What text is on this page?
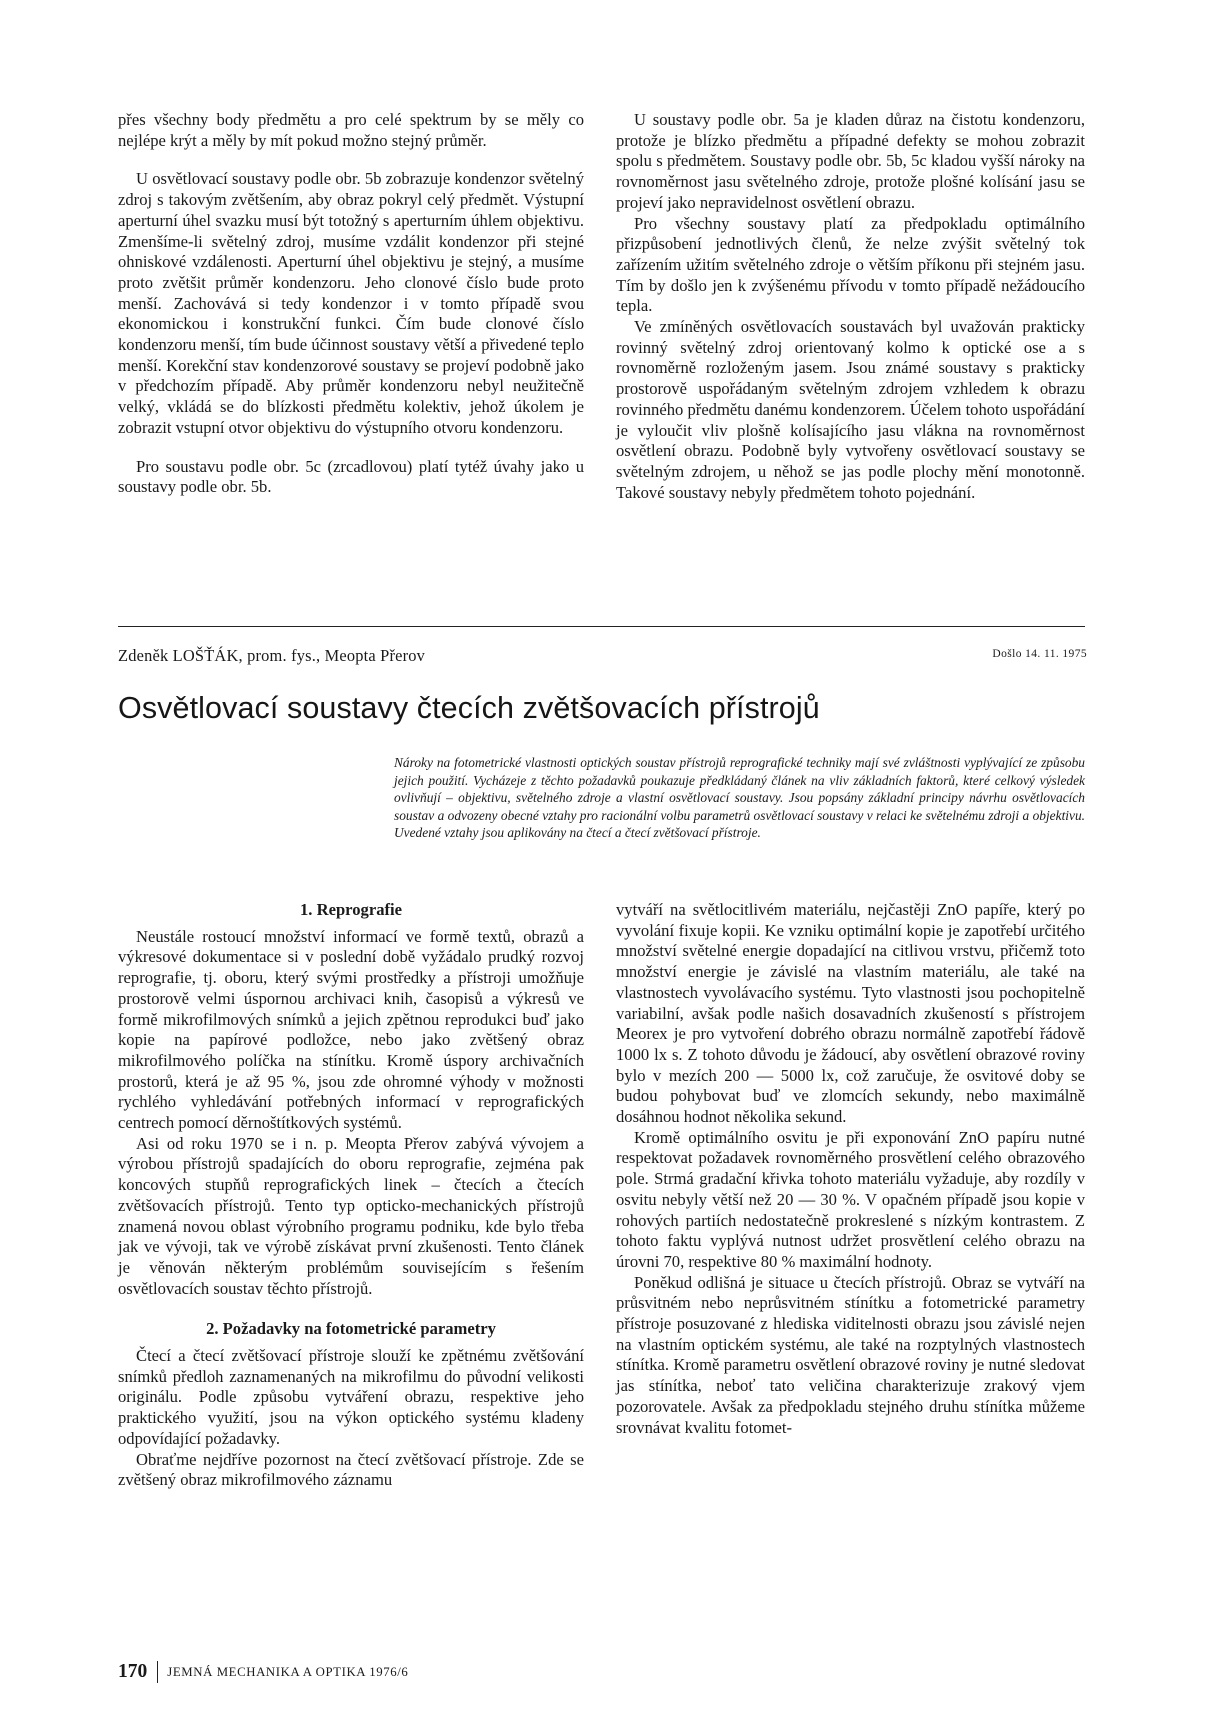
přes všechny body předmětu a pro celé spektrum by se měly co nejlépe krýt a měly by mít pokud možno stejný průměr.

U osvětlovací soustavy podle obr. 5b zobrazuje kondenzor světelný zdroj s takovým zvětšením, aby obraz pokryl celý předmět. Výstupní aperturní úhel svazku musí být totožný s aperturním úhlem objektivu. Zmenšíme-li světelný zdroj, musíme vzdálit kondenzor při stejné ohniskové vzdálenosti. Aperturní úhel objektivu je stejný, a musíme proto zvětšit průměr kondenzoru. Jeho clonové číslo bude proto menší. Zachovává si tedy kondenzor i v tomto případě svou ekonomickou i konstrukční funkci. Čím bude clonové číslo kondenzoru menší, tím bude účinnost soustavy větší a přivedené teplo menší. Korekční stav kondenzorové soustavy se projeví podobně jako v předchozím případě. Aby průměr kondenzoru nebyl neužitečně velký, vkládá se do blízkosti předmětu kolektiv, jehož úkolem je zobrazit vstupní otvor objektivu do výstupního otvoru kondenzoru.

Pro soustavu podle obr. 5c (zrcadlovou) platí tytéž úvahy jako u soustavy podle obr. 5b.

U soustavy podle obr. 5a je kladen důraz na čistotu kondenzoru, protože je blízko předmětu a případné defekty se mohou zobrazit spolu s předmětem. Soustavy podle obr. 5b, 5c kladou vyšší nároky na rovnoměrnost jasu světelného zdroje, protože plošné kolísání jasu se projeví jako nepravidelnost osvětlení obrazu.

Pro všechny soustavy platí za předpokladu optimálního přizpůsobení jednotlivých členů, že nelze zvýšit světelný tok zařízením užitím světelného zdroje o větším příkonu při stejném jasu. Tím by došlo jen k zvýšenému přívodu v tomto případě nežádoucího tepla.

Ve zmíněných osvětlovacích soustavách byl uvažován prakticky rovinný světelný zdroj orientovaný kolmo k optické ose a s rovnoměrně rozloženým jasem. Jsou známé soustavy s prakticky prostorově uspořádaným světelným zdrojem vzhledem k obrazu rovinného předmětu danému kondenzorem. Účelem tohoto uspořádání je vyloučit vliv plošně kolísajícího jasu vlákna na rovnoměrnost osvětlení obrazu. Podobně byly vytvořeny osvětlovací soustavy se světelným zdrojem, u něhož se jas podle plochy mění monotonně. Takové soustavy nebyly předmětem tohoto pojednání.

Zdeněk LOŠŤÁK, prom. fys., Meopta Přerov	Došlo 14. 11. 1975
Osvětlovací soustavy čtecích zvětšovacích přístrojů
Nároky na fotometrické vlastnosti optických soustav přístrojů reprografické techniky mají své zvláštnosti vyplývající ze způsobu jejich použití. Vycházeje z těchto požadavků poukazuje předkládaný článek na vliv základních faktorů, které celkový výsledek ovlivňují – objektivu, světelného zdroje a vlastní osvětlovací soustavy. Jsou popsány základní principy návrhu osvětlovacích soustav a odvozeny obecné vztahy pro racionální volbu parametrů osvětlovací soustavy v relaci ke světelnému zdroji a objektivu. Uvedené vztahy jsou aplikovány na čtecí a čtecí zvětšovací přístroje.
1. Reprografie

Neustále rostoucí množství informací ve formě textů, obrazů a výkresové dokumentace si v poslední době vyžádalo prudký rozvoj reprografie, tj. oboru, který svými prostředky a přístroji umožňuje prostorově velmi úspornou archivaci knih, časopisů a výkresů ve formě mikrofilmových snímků a jejich zpětnou reprodukci buď jako kopie na papírové podložce, nebo jako zvětšený obraz mikrofilmového políčka na stínítku. Kromě úspory archivačních prostorů, která je až 95 %, jsou zde ohromné výhody v možnosti rychlého vyhledávání potřebných informací v reprografických centrech pomocí děrnoštítkových systémů.

Asi od roku 1970 se i n. p. Meopta Přerov zabývá vývojem a výrobou přístrojů spadajících do oboru reprografie, zejména pak koncových stupňů reprografických linek – čtecích a čtecích zvětšovacích přístrojů. Tento typ opticko-mechanických přístrojů znamená novou oblast výrobního programu podniku, kde bylo třeba jak ve vývoji, tak ve výrobě získávat první zkušenosti. Tento článek je věnován některým problémům souvisejícím s řešením osvětlovacích soustav těchto přístrojů.

2. Požadavky na fotometrické parametry

Čtecí a čtecí zvětšovací přístroje slouží ke zpětnému zvětšování snímků předloh zaznamenaných na mikrofilmu do původní velikosti originálu. Podle způsobu vytváření obrazu, respektive jeho praktického využití, jsou na výkon optického systému kladeny odpovídající požadavky.

Obraťme nejdříve pozornost na čtecí zvětšovací přístroje. Zde se zvětšený obraz mikrofilmového záznamu

vytváří na světlocitlivém materiálu, nejčastěji ZnO papíře, který po vyvolání fixuje kopii. Ke vzniku optimální kopie je zapotřebí určitého množství světelné energie dopadající na citlivou vrstvu, přičemž toto množství energie je závislé na vlastním materiálu, ale také na vlastnostech vyvolávacího systému. Tyto vlastnosti jsou pochopitelně variabilní, avšak podle našich dosavadních zkušeností s přístrojem Meorex je pro vytvoření dobrého obrazu normálně zapotřebí řádově 1000 lx s. Z tohoto důvodu je žádoucí, aby osvětlení obrazové roviny bylo v mezích 200 — 5000 lx, což zaručuje, že osvitové doby se budou pohybovat buď ve zlomcích sekundy, nebo maximálně dosáhnou hodnot několika sekund.

Kromě optimálního osvitu je při exponování ZnO papíru nutné respektovat požadavek rovnoměrného prosvětlení celého obrazového pole. Strmá gradační křivka tohoto materiálu vyžaduje, aby rozdíly v osvitu nebyly větší než 20 — 30 %. V opačném případě jsou kopie v rohových partiích nedostatečně prokreslené s nízkým kontrastem. Z tohoto faktu vyplývá nutnost udržet prosvětlení celého obrazu na úrovni 70, respektive 80 % maximální hodnoty.

Poněkud odlišná je situace u čtecích přístrojů. Obraz se vytváří na průsvitném nebo neprůsvitném stínítku a fotometrické parametry přístroje posuzované z hlediska viditelnosti obrazu jsou závislé nejen na vlastním optickém systému, ale také na rozptylných vlastnostech stínítka. Kromě parametru osvětlení obrazové roviny je nutné sledovat jas stínítka, neboť tato veličina charakterizuje zrakový vjem pozorovatele. Avšak za předpokladu stejného druhu stínítka můžeme srovnávat kvalitu fotomet-

170 JEMNÁ MECHANIKA A OPTIKA 1976/6
